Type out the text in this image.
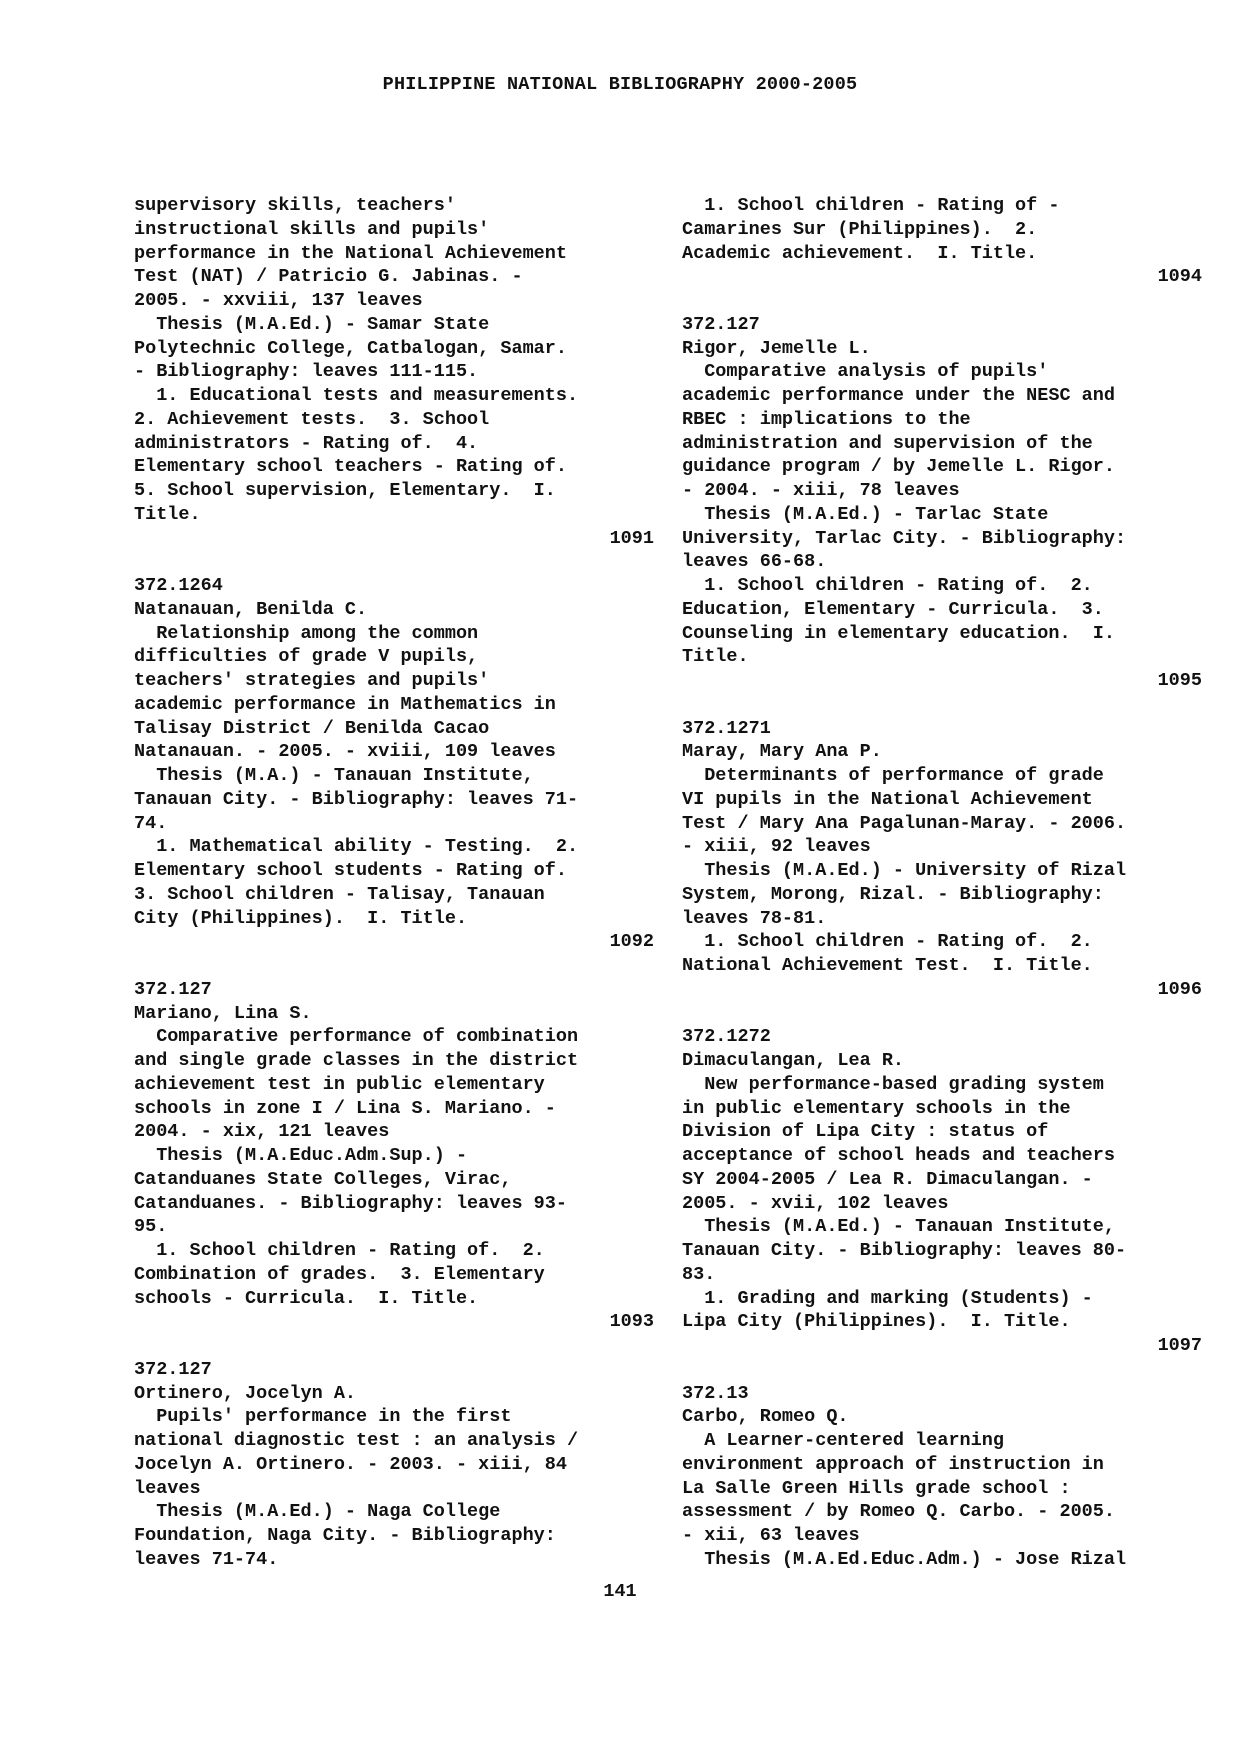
PHILIPPINE NATIONAL BIBLIOGRAPHY 2000-2005
supervisory skills, teachers'
instructional skills and pupils'
performance in the National Achievement
Test (NAT) / Patricio G. Jabinas. -
2005. - xxviii, 137 leaves
Thesis (M.A.Ed.) - Samar State
Polytechnic College, Catbalogan, Samar.
- Bibliography: leaves 111-115.
1. Educational tests and measurements.
2. Achievement tests.  3. School
administrators - Rating of.  4.
Elementary school teachers - Rating of.
5. School supervision, Elementary.  I.
Title.
1091
372.1264
Natanauan, Benilda C.
Relationship among the common
difficulties of grade V pupils,
teachers' strategies and pupils'
academic performance in Mathematics in
Talisay District / Benilda Cacao
Natanauan. - 2005. - xviii, 109 leaves
Thesis (M.A.) - Tanauan Institute,
Tanauan City. - Bibliography: leaves 71-
74.
1. Mathematical ability - Testing.  2.
Elementary school students - Rating of.
3. School children - Talisay, Tanauan
City (Philippines).  I. Title.
1092
372.127
Mariano, Lina S.
Comparative performance of combination
and single grade classes in the district
achievement test in public elementary
schools in zone I / Lina S. Mariano. -
2004. - xix, 121 leaves
Thesis (M.A.Educ.Adm.Sup.) -
Catanduanes State Colleges, Virac,
Catanduanes. - Bibliography: leaves 93-
95.
1. School children - Rating of.  2.
Combination of grades.  3. Elementary
schools - Curricula.  I. Title.
1093
372.127
Ortinero, Jocelyn A.
Pupils' performance in the first
national diagnostic test : an analysis /
Jocelyn A. Ortinero. - 2003. - xiii, 84
leaves
Thesis (M.A.Ed.) - Naga College
Foundation, Naga City. - Bibliography:
leaves 71-74.
1. School children - Rating of -
Camarines Sur (Philippines).  2.
Academic achievement.  I. Title.
1094
372.127
Rigor, Jemelle L.
Comparative analysis of pupils'
academic performance under the NESC and
RBEC : implications to the
administration and supervision of the
guidance program / by Jemelle L. Rigor.
- 2004. - xiii, 78 leaves
Thesis (M.A.Ed.) - Tarlac State
University, Tarlac City. - Bibliography:
leaves 66-68.
1. School children - Rating of.  2.
Education, Elementary - Curricula.  3.
Counseling in elementary education.  I.
Title.
1095
372.1271
Maray, Mary Ana P.
Determinants of performance of grade
VI pupils in the National Achievement
Test / Mary Ana Pagalunan-Maray. - 2006.
- xiii, 92 leaves
Thesis (M.A.Ed.) - University of Rizal
System, Morong, Rizal. - Bibliography:
leaves 78-81.
1. School children - Rating of.  2.
National Achievement Test.  I. Title.
1096
372.1272
Dimaculangan, Lea R.
New performance-based grading system
in public elementary schools in the
Division of Lipa City : status of
acceptance of school heads and teachers
SY 2004-2005 / Lea R. Dimaculangan. -
2005. - xvii, 102 leaves
Thesis (M.A.Ed.) - Tanauan Institute,
Tanauan City. - Bibliography: leaves 80-
83.
1. Grading and marking (Students) -
Lipa City (Philippines).  I. Title.
1097
372.13
Carbo, Romeo Q.
A Learner-centered learning
environment approach of instruction in
La Salle Green Hills grade school :
assessment / by Romeo Q. Carbo. - 2005.
- xii, 63 leaves
Thesis (M.A.Ed.Educ.Adm.) - Jose Rizal
141
